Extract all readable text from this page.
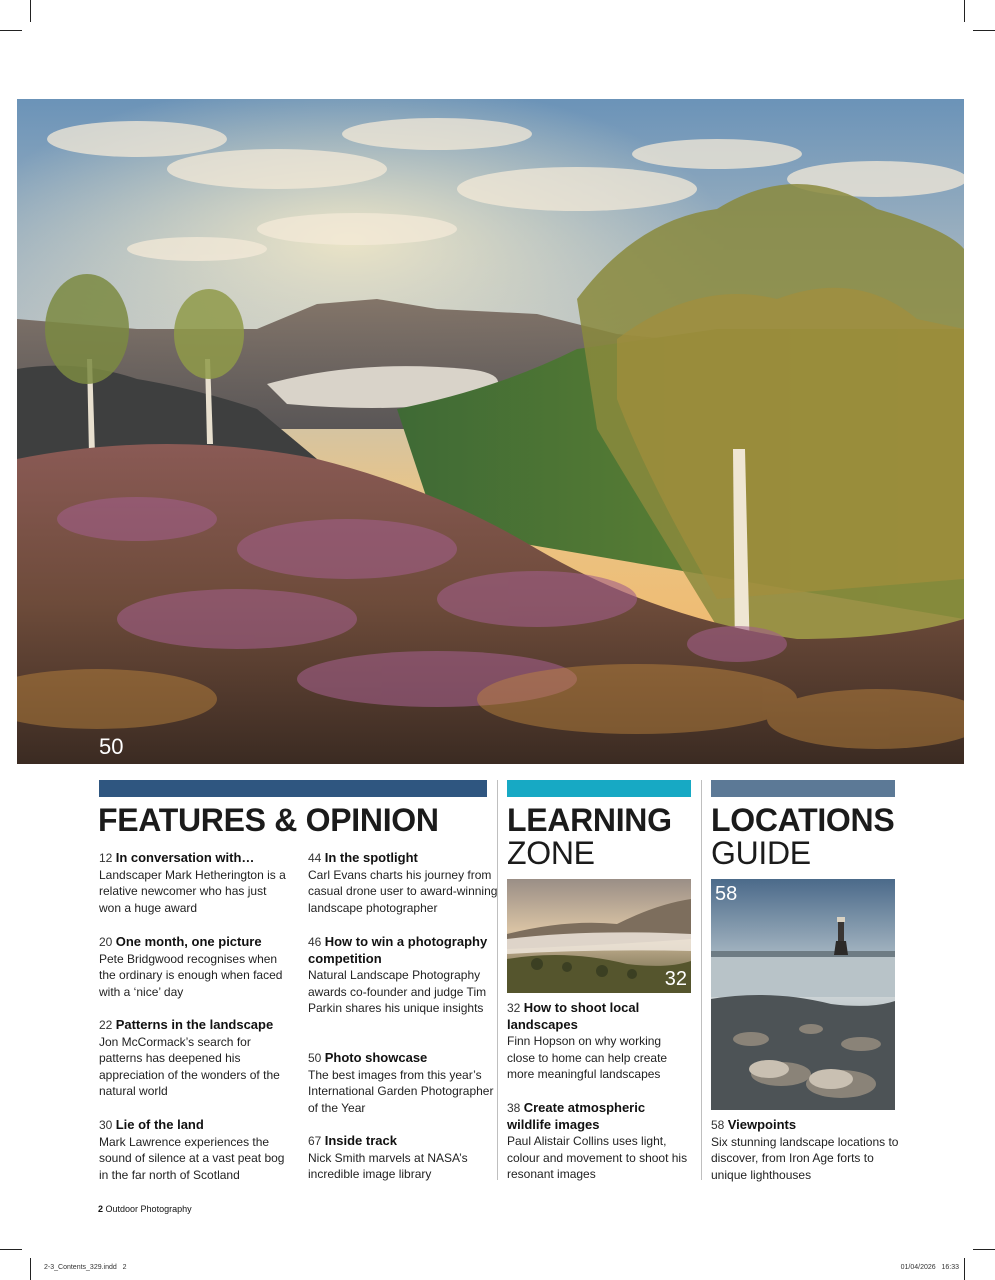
50
FEATURES & OPINION
12 In conversation with…
Landscaper Mark Hetherington is a relative newcomer who has just won a huge award
20 One month, one picture
Pete Bridgwood recognises when the ordinary is enough when faced with a ‘nice’ day
22 Patterns in the landscape
Jon McCormack’s search for patterns has deepened his appreciation of the wonders of the natural world
30 Lie of the land
Mark Lawrence experiences the sound of silence at a vast peat bog in the far north of Scotland
44 In the spotlight
Carl Evans charts his journey from casual drone user to award-winning landscape photographer
46 How to win a photography competition
Natural Landscape Photography awards co-founder and judge Tim Parkin shares his unique insights
50 Photo showcase
The best images from this year’s International Garden Photographer of the Year
67 Inside track
Nick Smith marvels at NASA’s incredible image library
LEARNING
ZONE
32
32 How to shoot local landscapes
Finn Hopson on why working close to home can help create more meaningful landscapes
38 Create atmospheric wildlife images
Paul Alistair Collins uses light, colour and movement to shoot his resonant images
LOCATIONS
GUIDE
58
58 Viewpoints
Six stunning landscape locations to discover, from Iron Age forts to unique lighthouses
2 Outdoor Photography
2-3_Contents_329.indd   2	01/04/2026   16:33
